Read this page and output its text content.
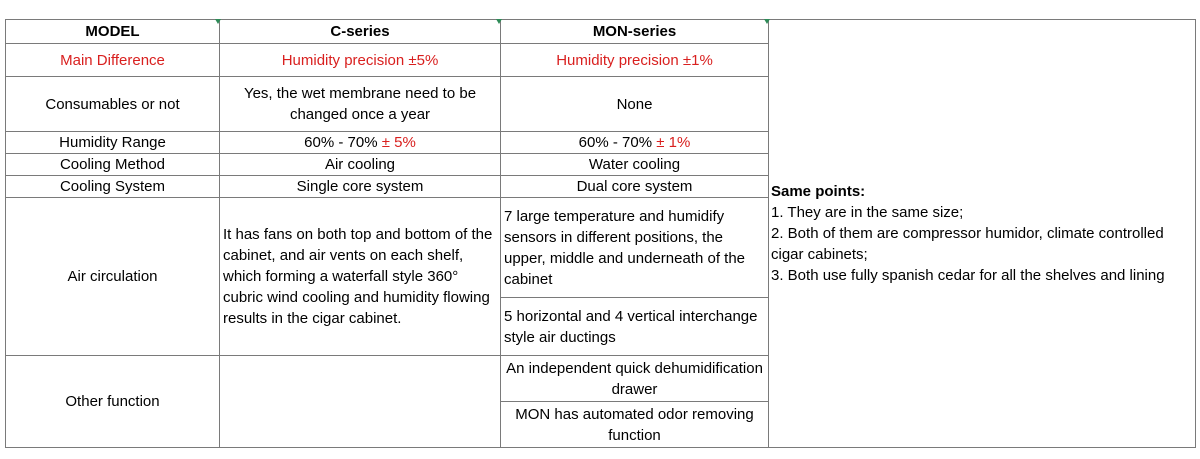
MODEL	C-series	MON-series	Same points:
1. They are in the same size;
2. Both of them are compressor humidor, climate controlled cigar cabinets;
3. Both use fully spanish cedar for all the shelves and lining

Main Difference	Humidity precision ±5%	Humidity precision ±1%	
Consumables or not	Yes, the wet membrane need to be changed once a year	None	
Humidity Range	60% - 70% ± 5%	60% - 70% ± 1%	
Cooling Method	Air cooling	Water cooling	
Cooling System	Single core system	Dual core system	
Air circulation	It has fans on both top and bottom of the cabinet, and air vents on each shelf, which forming a waterfall style 360° cubric wind cooling and humidity flowing results in the cigar cabinet.	7 large temperature and humidify sensors in different positions, the upper, middle and underneath of the cabinet	
		5 horizontal and 4 vertical interchange style air ductings	
Other function		An independent quick dehumidification drawer	
		MON has automated odor removing function	
